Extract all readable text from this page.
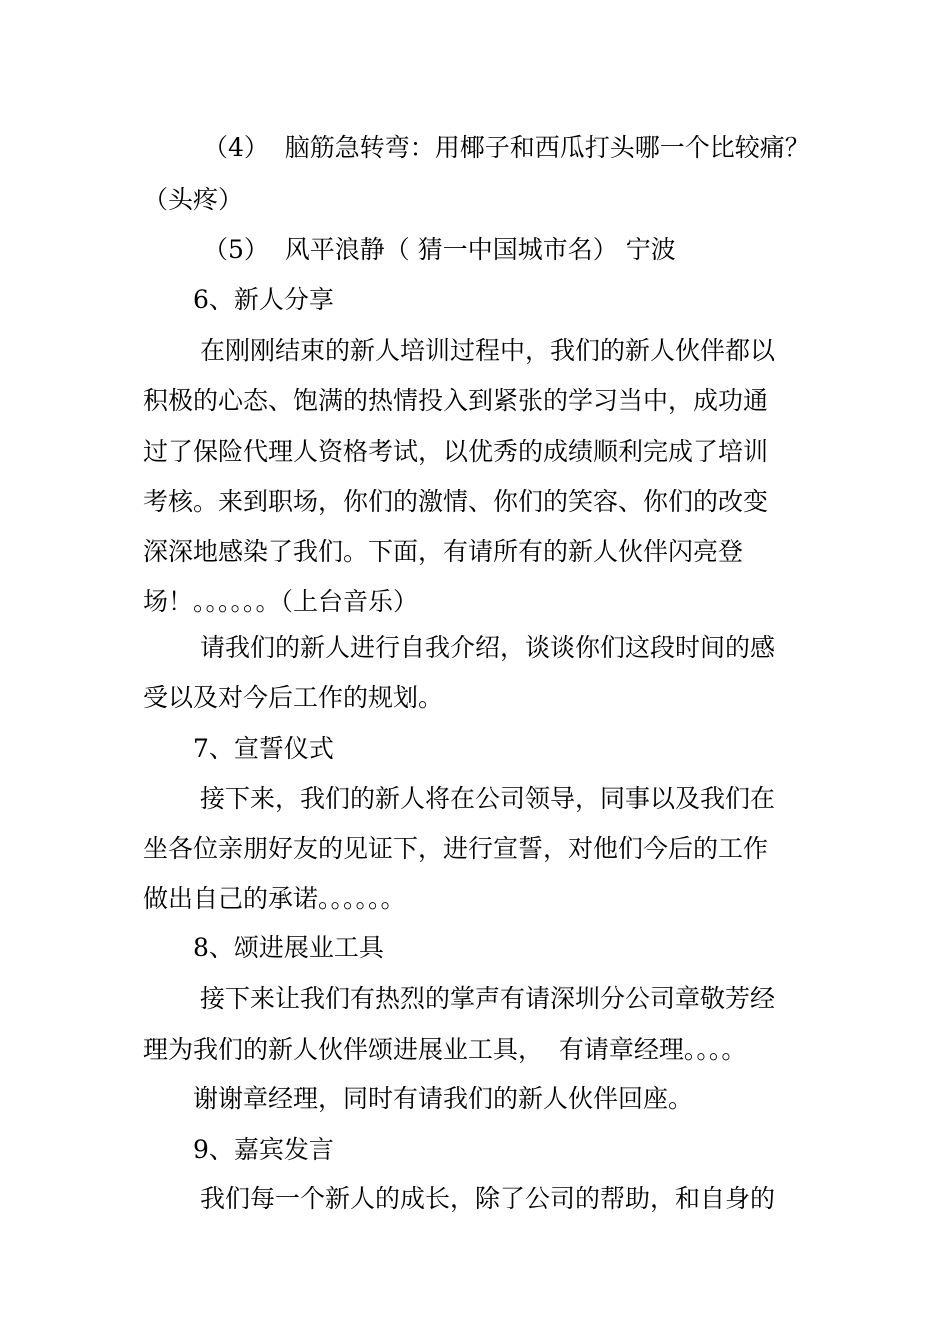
（4）  脑筋急转弯：用椰子和西瓜打头哪一个比较痛？
（头疼）
（5）  风平浪静（ 猜一中国城市名） 宁波
6、新人分享
在刚刚结束的新人培训过程中，我们的新人伙伴都以
积极的心态、饱满的热情投入到紧张的学习当中，成功通
过了保险代理人资格考试，以优秀的成绩顺利完成了培训
考核。来到职场，你们的激情、你们的笑容、你们的改变
深深地感染了我们。下面，有请所有的新人伙伴闪亮登
场！。。。。。。（上台音乐）
请我们的新人进行自我介绍，谈谈你们这段时间的感
受以及对今后工作的规划。
7、宣誓仪式
接下来，我们的新人将在公司领导，同事以及我们在
坐各位亲朋好友的见证下，进行宣誓，对他们今后的工作
做出自己的承诺。。。。。。
8、颂进展业工具
接下来让我们有热烈的掌声有请深圳分公司章敬芳经
理为我们的新人伙伴颂进展业工具，  有请章经理。。。。
谢谢章经理，同时有请我们的新人伙伴回座。
9、嘉宾发言
我们每一个新人的成长，除了公司的帮助，和自身的
